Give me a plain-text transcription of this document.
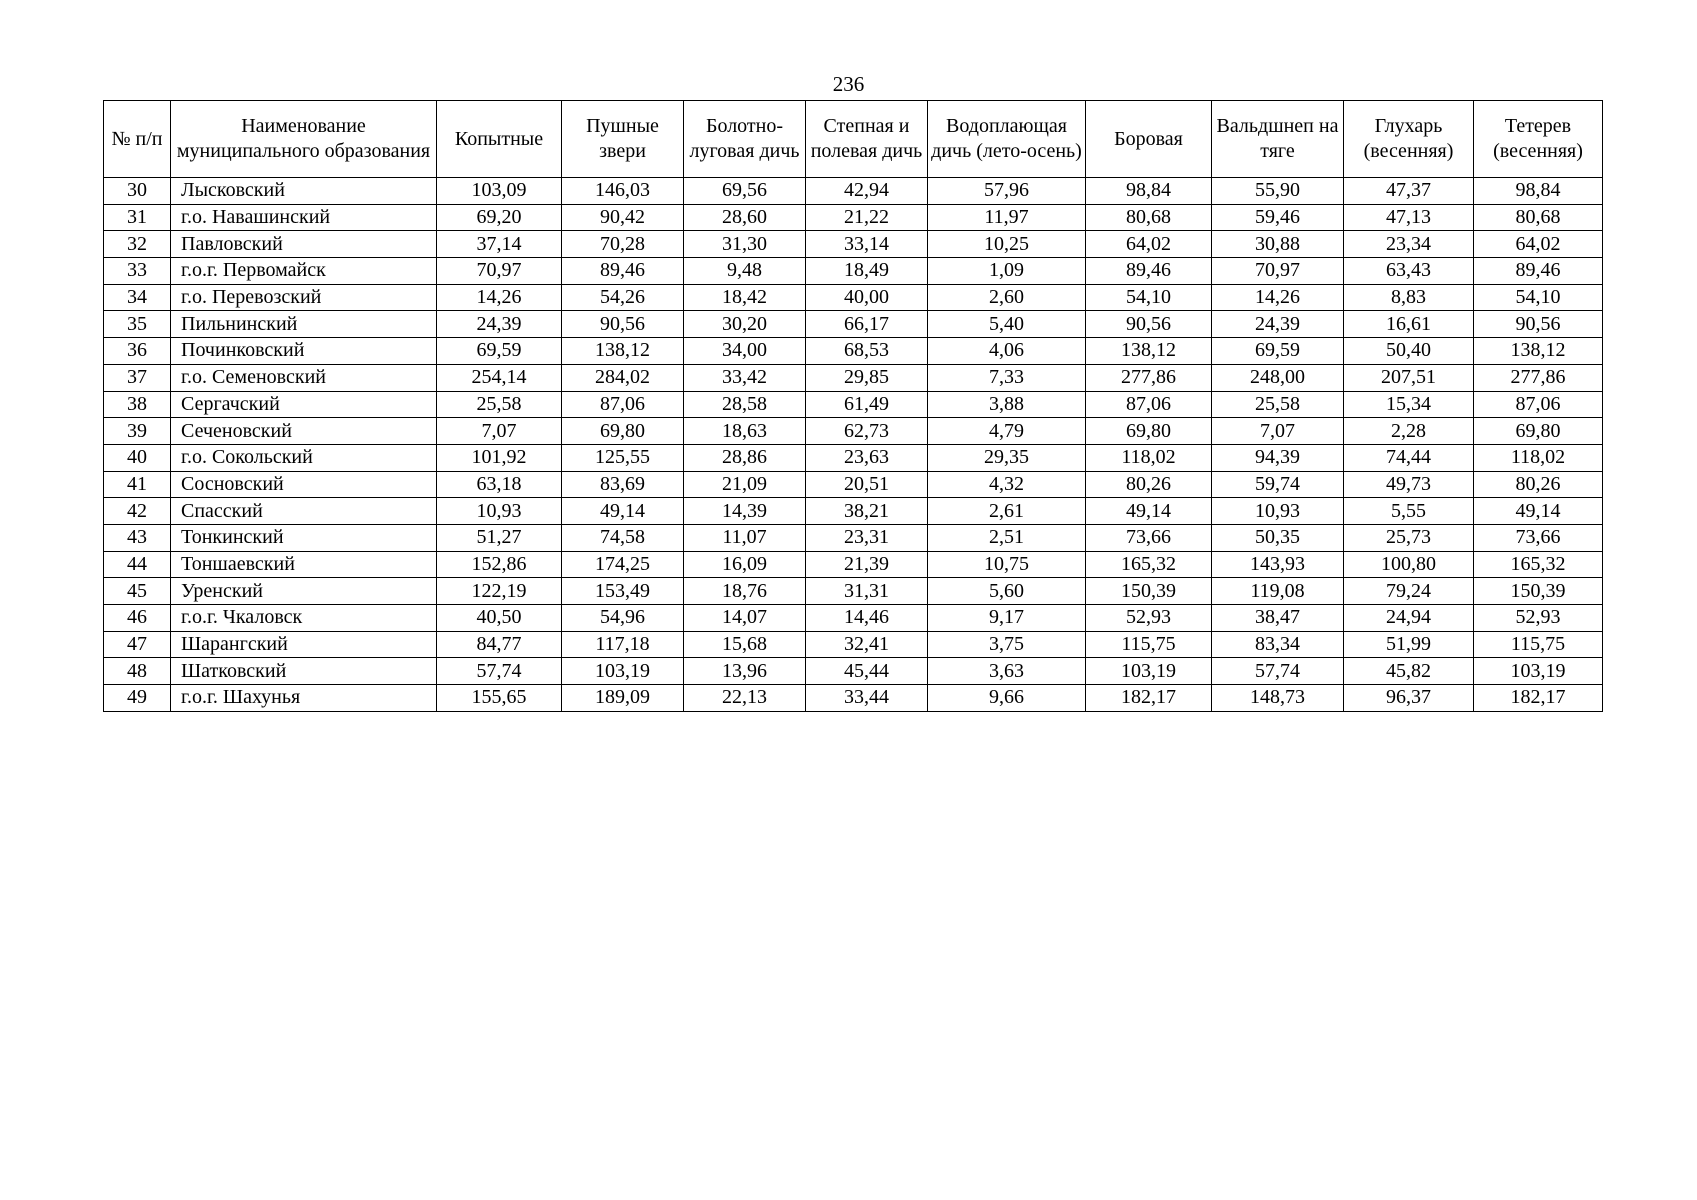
236
№ п/п	Наименование муниципального образования	Копытные	Пушные звери	Болотно-луговая дичь	Степная и полевая дичь	Водоплающая дичь (лето-осень)	Боровая	Вальдшнеп на тяге	Глухарь (весенняя)	Тетерев (весенняя)
30	Лысковский	103,09	146,03	69,56	42,94	57,96	98,84	55,90	47,37	98,84
31	г.о. Навашинский	69,20	90,42	28,60	21,22	11,97	80,68	59,46	47,13	80,68
32	Павловский	37,14	70,28	31,30	33,14	10,25	64,02	30,88	23,34	64,02
33	г.о.г. Первомайск	70,97	89,46	9,48	18,49	1,09	89,46	70,97	63,43	89,46
34	г.о. Перевозский	14,26	54,26	18,42	40,00	2,60	54,10	14,26	8,83	54,10
35	Пильнинский	24,39	90,56	30,20	66,17	5,40	90,56	24,39	16,61	90,56
36	Починковский	69,59	138,12	34,00	68,53	4,06	138,12	69,59	50,40	138,12
37	г.о. Семеновский	254,14	284,02	33,42	29,85	7,33	277,86	248,00	207,51	277,86
38	Сергачский	25,58	87,06	28,58	61,49	3,88	87,06	25,58	15,34	87,06
39	Сеченовский	7,07	69,80	18,63	62,73	4,79	69,80	7,07	2,28	69,80
40	г.о. Сокольский	101,92	125,55	28,86	23,63	29,35	118,02	94,39	74,44	118,02
41	Сосновский	63,18	83,69	21,09	20,51	4,32	80,26	59,74	49,73	80,26
42	Спасский	10,93	49,14	14,39	38,21	2,61	49,14	10,93	5,55	49,14
43	Тонкинский	51,27	74,58	11,07	23,31	2,51	73,66	50,35	25,73	73,66
44	Тоншаевский	152,86	174,25	16,09	21,39	10,75	165,32	143,93	100,80	165,32
45	Уренский	122,19	153,49	18,76	31,31	5,60	150,39	119,08	79,24	150,39
46	г.о.г. Чкаловск	40,50	54,96	14,07	14,46	9,17	52,93	38,47	24,94	52,93
47	Шарангский	84,77	117,18	15,68	32,41	3,75	115,75	83,34	51,99	115,75
48	Шатковский	57,74	103,19	13,96	45,44	3,63	103,19	57,74	45,82	103,19
49	г.о.г. Шахунья	155,65	189,09	22,13	33,44	9,66	182,17	148,73	96,37	182,17
